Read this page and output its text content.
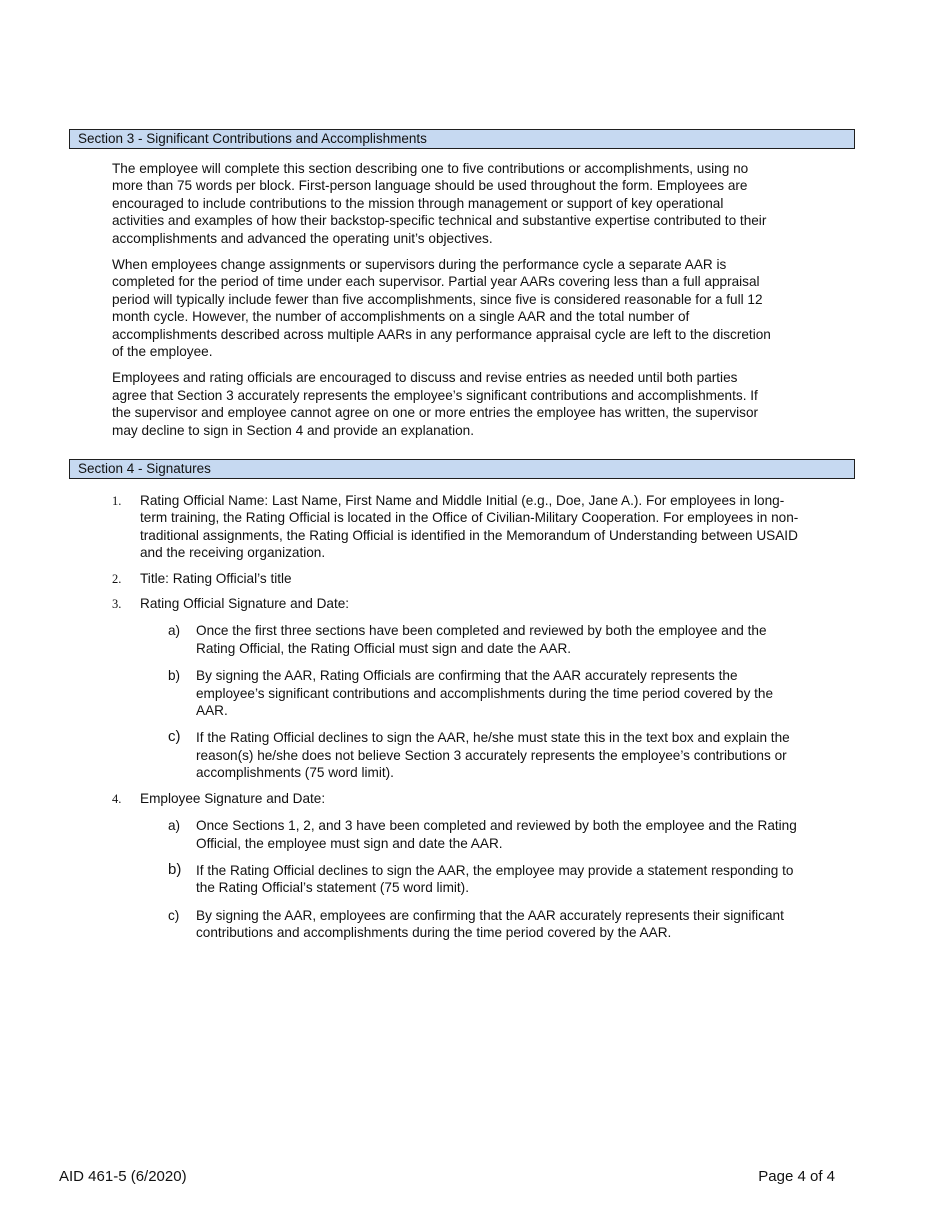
Section 3 - Significant Contributions and Accomplishments

The employee will complete this section describing one to five contributions or accomplishments, using no more than 75 words per block. First-person language should be used throughout the form. Employees are encouraged to include contributions to the mission through management or support of key operational activities and examples of how their backstop-specific technical and substantive expertise contributed to their accomplishments and advanced the operating unit’s objectives.

When employees change assignments or supervisors during the performance cycle a separate AAR is completed for the period of time under each supervisor. Partial year AARs covering less than a full appraisal period will typically include fewer than five accomplishments, since five is considered reasonable for a full 12 month cycle. However, the number of accomplishments on a single AAR and the total number of accomplishments described across multiple AARs in any performance appraisal cycle are left to the discretion of the employee.

Employees and rating officials are encouraged to discuss and revise entries as needed until both parties agree that Section 3 accurately represents the employee’s significant contributions and accomplishments. If the supervisor and employee cannot agree on one or more entries the employee has written, the supervisor may decline to sign in Section 4 and provide an explanation.

Section 4 - Signatures
1. Rating Official Name: Last Name, First Name and Middle Initial (e.g., Doe, Jane A.). For employees in long- term training, the Rating Official is located in the Office of Civilian-Military Cooperation. For employees in non- traditional assignments, the Rating Official is identified in the Memorandum of Understanding between USAID and the receiving organization.
2. Title: Rating Official’s title
3. Rating Official Signature and Date:
a) Once the first three sections have been completed and reviewed by both the employee and the Rating Official, the Rating Official must sign and date the AAR.
b) By signing the AAR, Rating Officials are confirming that the AAR accurately represents the employee’s significant contributions and accomplishments during the time period covered by the AAR.
c) If the Rating Official declines to sign the AAR, he/she must state this in the text box and explain the reason(s) he/she does not believe Section 3 accurately represents the employee’s contributions or accomplishments (75 word limit).
4. Employee Signature and Date:
a) Once Sections 1, 2, and 3 have been completed and reviewed by both the employee and the Rating Official, the employee must sign and date the AAR.
b) If the Rating Official declines to sign the AAR, the employee may provide a statement responding to the Rating Official’s statement (75 word limit).
c) By signing the AAR, employees are confirming that the AAR accurately represents their significant contributions and accomplishments during the time period covered by the AAR.
AID 461-5 (6/2020)	Page 4 of 4
